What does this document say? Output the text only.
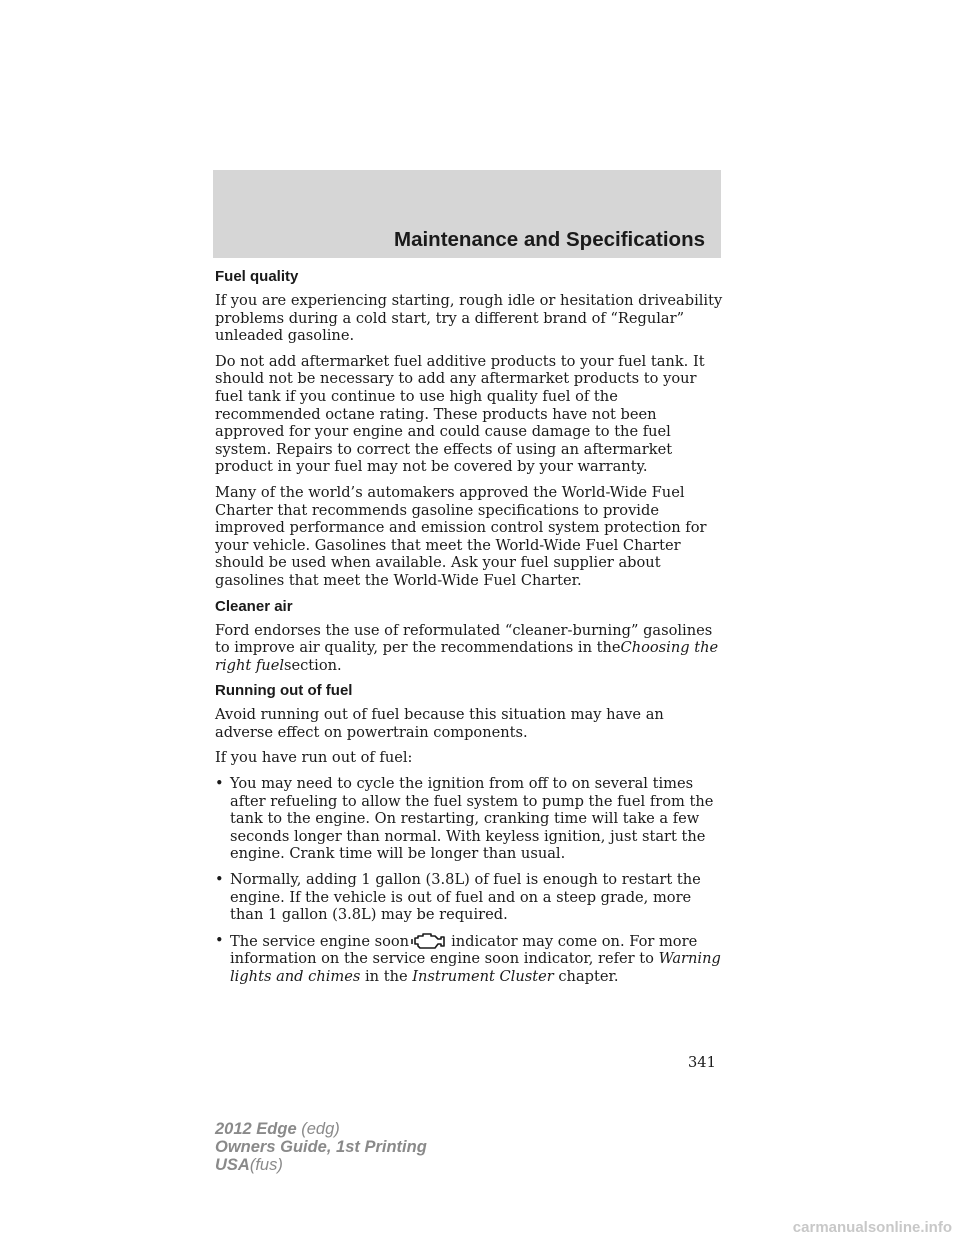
Maintenance and Specifications
Fuel quality

If you are experiencing starting, rough idle or hesitation driveability problems during a cold start, try a different brand of “Regular” unleaded gasoline.

Do not add aftermarket fuel additive products to your fuel tank. It should not be necessary to add any aftermarket products to your fuel tank if you continue to use high quality fuel of the recommended octane rating. These products have not been approved for your engine and could cause damage to the fuel system. Repairs to correct the effects of using an aftermarket product in your fuel may not be covered by your warranty.

Many of the world’s automakers approved the World-Wide Fuel Charter that recommends gasoline specifications to provide improved performance and emission control system protection for your vehicle. Gasolines that meet the World-Wide Fuel Charter should be used when available. Ask your fuel supplier about gasolines that meet the World-Wide Fuel Charter.

Cleaner air

Ford endorses the use of reformulated “cleaner-burning” gasolines to improve air quality, per the recommendations in theChoosing the right fuelsection.

Running out of fuel

Avoid running out of fuel because this situation may have an adverse effect on powertrain components.

If you have run out of fuel:

• You may need to cycle the ignition from off to on several times after refueling to allow the fuel system to pump the fuel from the tank to the engine. On restarting, cranking time will take a few seconds longer than normal. With keyless ignition, just start the engine. Crank time will be longer than usual.
• Normally, adding 1 gallon (3.8L) of fuel is enough to restart the engine. If the vehicle is out of fuel and on a steep grade, more than 1 gallon (3.8L) may be required.
• The service engine soon	indicator may come on. For more information on the service engine soon indicator, refer to Warning lights and chimes in the Instrument Cluster chapter.
341
2012 Edge (edg)
Owners Guide, 1st Printing
USA(fus)
carmanualsonline.info
